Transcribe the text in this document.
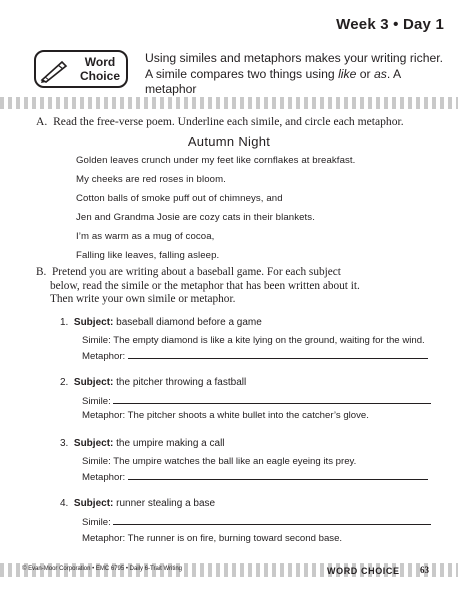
Week 3 • Day 1
Word
Choice
Using similes and metaphors makes your writing richer.
A simile compares two things using like or as. A metaphor

A. Read the free-verse poem. Underline each simile, and circle each metaphor.
Autumn Night
Golden leaves crunch under my feet like cornflakes at breakfast.
My cheeks are red roses in bloom.
Cotton balls of smoke puff out of chimneys, and
Jen and Grandma Josie are cozy cats in their blankets.
I’m as warm as a mug of cocoa,
Falling like leaves, falling asleep.

B. Pretend you are writing about a baseball game. For each subject

below, read the simile or the metaphor that has been written about it.

Then write your own simile or metaphor.

1. Subject: baseball diamond before a game
Simile: The empty diamond is like a kite lying on the ground, waiting for the wind.
Metaphor:
2. Subject: the pitcher throwing a fastball
Simile:
Metaphor: The pitcher shoots a white bullet into the catcher’s glove.
3. Subject: the umpire making a call
Simile: The umpire watches the ball like an eagle eyeing its prey.
Metaphor:
4. Subject: runner stealing a base
Simile:
Metaphor: The runner is on fire, burning toward second base.
© Evan-Moor Corporation • EMC 6795 • Daily 6-Trait Writing	WORD CHOICE 63
